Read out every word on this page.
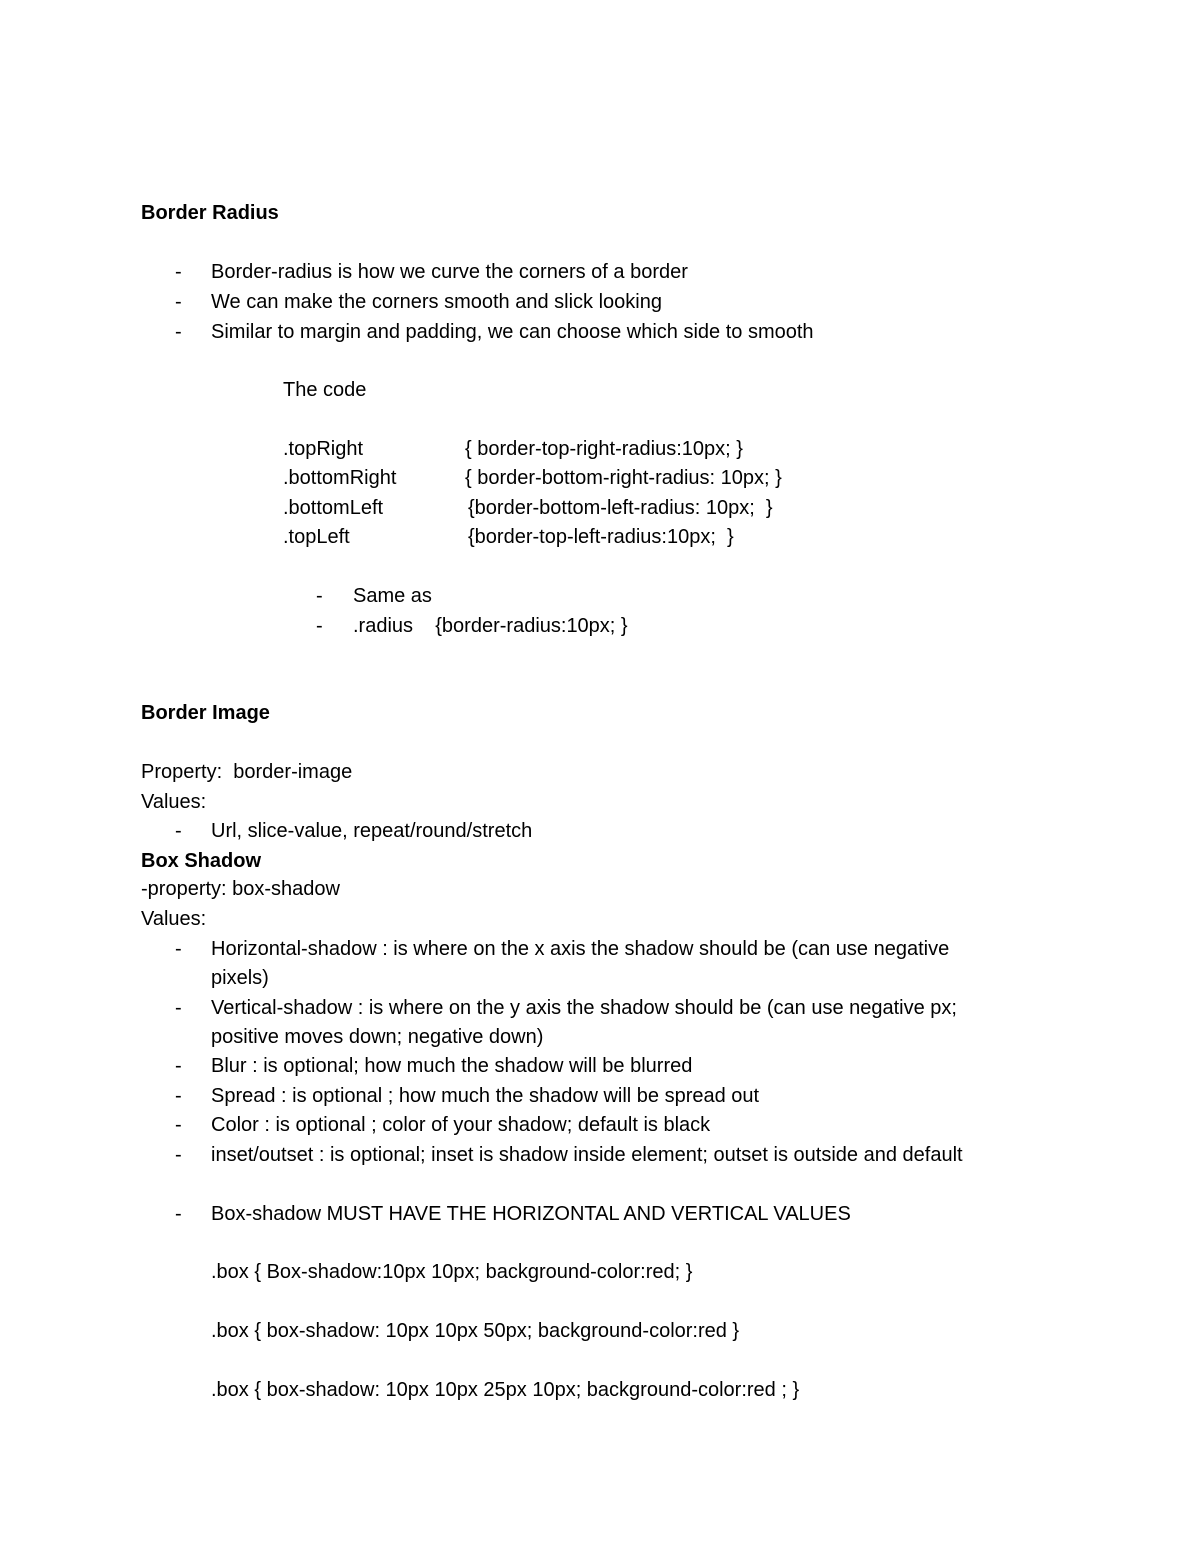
Border Radius
- Border-radius is how we curve the corners of a border
- We can make the corners smooth and slick looking
- Similar to margin and padding, we can choose which side to smooth
The code
.topRight	{ border-top-right-radius:10px; }
.bottomRight	{ border-bottom-right-radius: 10px; }
.bottomLeft	{border-bottom-left-radius: 10px;  }
.topLeft	{border-top-left-radius:10px;  }
- Same as
- .radius    {border-radius:10px; }
Border Image
Property:  border-image
Values:
- Url, slice-value, repeat/round/stretch
Box Shadow
-property: box-shadow
Values:
- Horizontal-shadow : is where on the x axis the shadow should be (can use negative
pixels)
- Vertical-shadow : is where on the y axis the shadow should be (can use negative px;
positive moves down; negative down)
- Blur : is optional; how much the shadow will be blurred
- Spread : is optional ; how much the shadow will be spread out
- Color : is optional ; color of your shadow; default is black
- inset/outset : is optional; inset is shadow inside element; outset is outside and default
- Box-shadow MUST HAVE THE HORIZONTAL AND VERTICAL VALUES
.box { Box-shadow:10px 10px; background-color:red; }
.box { box-shadow: 10px 10px 50px; background-color:red }
.box { box-shadow: 10px 10px 25px 10px; background-color:red ; }
